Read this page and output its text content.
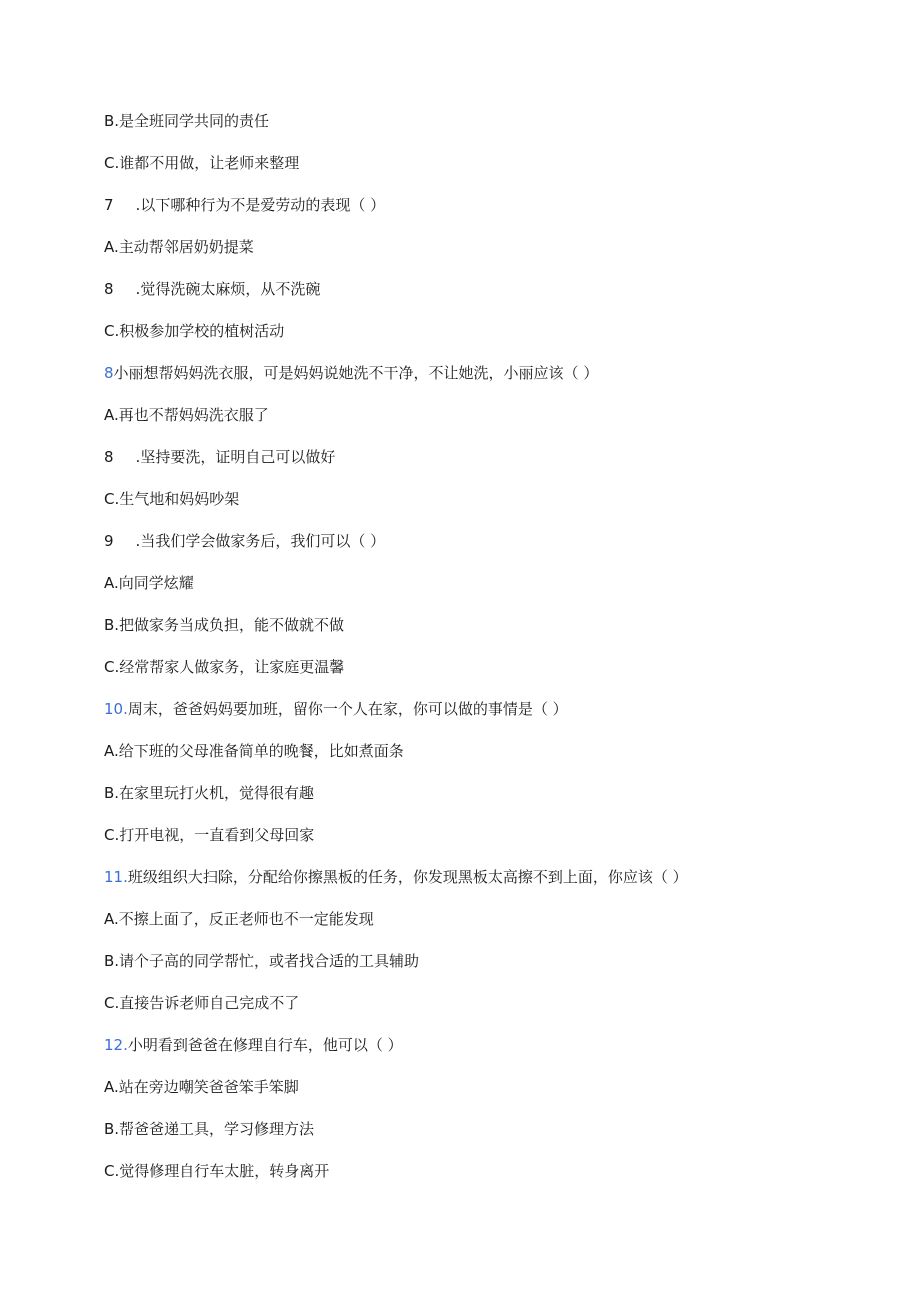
B.是全班同学共同的责任
C.谁都不用做，让老师来整理
7 .以下哪种行为不是爱劳动的表现（ ）
A.主动帮邻居奶奶提菜
8 .觉得洗碗太麻烦，从不洗碗
C.积极参加学校的植树活动
8小丽想帮妈妈洗衣服，可是妈妈说她洗不干净，不让她洗，小丽应该（ ）
A.再也不帮妈妈洗衣服了
8 .坚持要洗，证明自己可以做好
C.生气地和妈妈吵架
9 .当我们学会做家务后，我们可以（ ）
A.向同学炫耀
B.把做家务当成负担，能不做就不做
C.经常帮家人做家务，让家庭更温馨
10.周末，爸爸妈妈要加班，留你一个人在家，你可以做的事情是（ ）
A.给下班的父母准备简单的晚餐，比如煮面条
B.在家里玩打火机，觉得很有趣
C.打开电视，一直看到父母回家
11.班级组织大扫除，分配给你擦黑板的任务，你发现黑板太高擦不到上面，你应该（ ）
A.不擦上面了，反正老师也不一定能发现
B.请个子高的同学帮忙，或者找合适的工具辅助
C.直接告诉老师自己完成不了
12.小明看到爸爸在修理自行车，他可以（ ）
A.站在旁边嘲笑爸爸笨手笨脚
B.帮爸爸递工具，学习修理方法
C.觉得修理自行车太脏，转身离开
